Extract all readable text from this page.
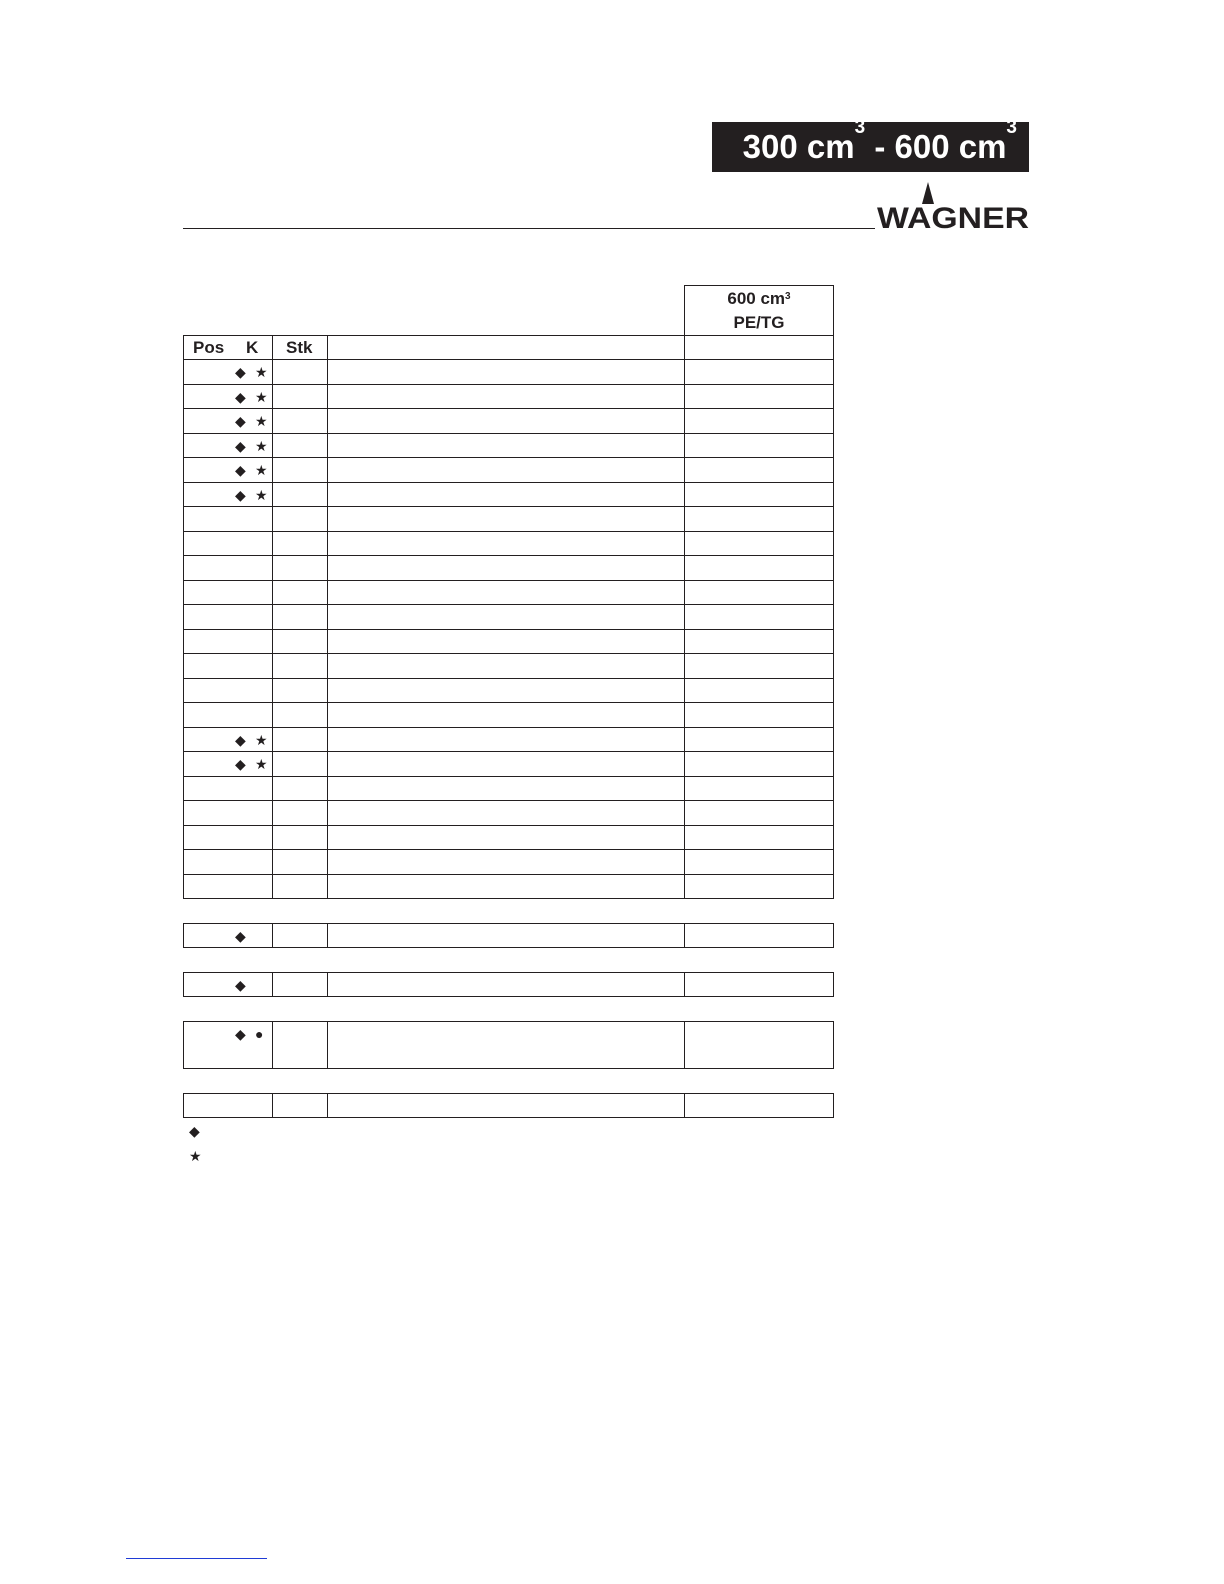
300 $cm^3 - 600$ $cm^3$
WAGNER
600 $cm^3$
PE/TG
Pos K Stk
◆ ★
◆ ★
◆ ★
◆ ★
◆ ★
◆ ★
◆ ★
◆ ★
◆
◆
◆ ●
◆
★
